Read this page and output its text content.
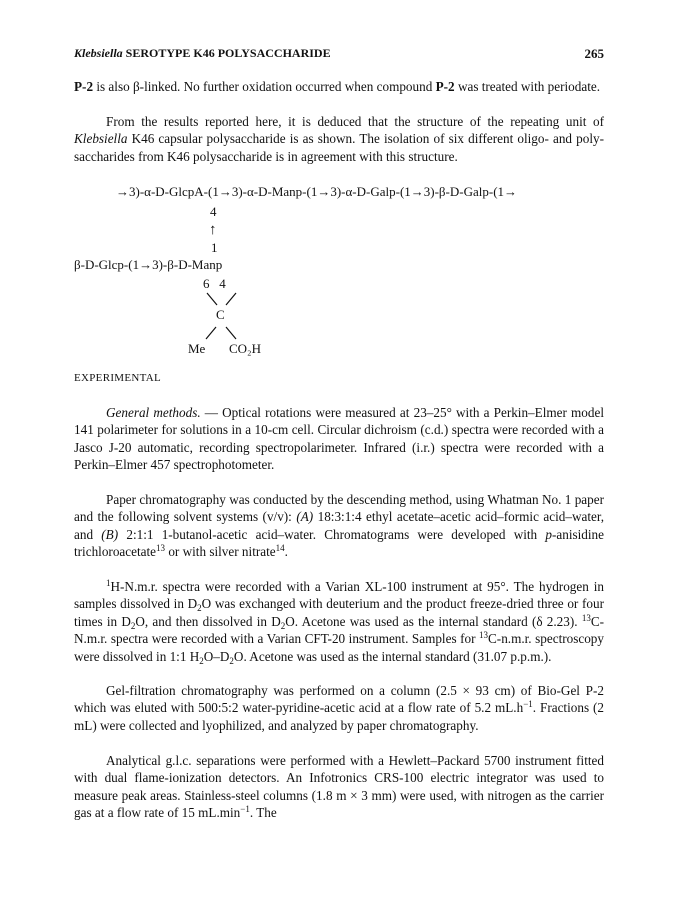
Klebsiella SEROTYPE K46 POLYSACCHARIDE	265

P-2 is also β-linked. No further oxidation occurred when compound P-2 was treated with periodate.

From the results reported here, it is deduced that the structure of the repeating unit of Klebsiella K46 capsular polysaccharide is as shown. The isolation of six different oligo- and poly-saccharides from K46 polysaccharide is in agreement with this structure.

→3)-α-D-GlcpA-(1→3)-α-D-Manp-(1→3)-α-D-Galp-(1→3)-β-D-Galp-(1→
4
↑
1
β-D-Glcp-(1→3)-β-D-Manp
6   4
C
Me CO₂H
EXPERIMENTAL

General methods. — Optical rotations were measured at 23–25° with a Perkin–Elmer model 141 polarimeter for solutions in a 10-cm cell. Circular dichroism (c.d.) spectra were recorded with a Jasco J-20 automatic, recording spectropolarimeter. Infrared (i.r.) spectra were recorded with a Perkin–Elmer 457 spectrophotometer.

Paper chromatography was conducted by the descending method, using Whatman No. 1 paper and the following solvent systems (v/v): (A) 18:3:1:4 ethyl acetate–acetic acid–formic acid–water, and (B) 2:1:1 1-butanol-acetic acid–water. Chromatograms were developed with p-anisidine trichloroacetate$^{13}$ or with silver nitrate$^{14}$.

$^1$H-N.m.r. spectra were recorded with a Varian XL-100 instrument at 95°. The hydrogen in samples dissolved in $D_2O$ was exchanged with deuterium and the product freeze-dried three or four times in $D_2O$, and then dissolved in $D_2O$. Acetone was used as the internal standard (δ 2.23). $^{13}$C-N.m.r. spectra were recorded with a Varian CFT-20 instrument. Samples for $^{13}$C-n.m.r. spectroscopy were dissolved in 1:1 $H_2O-D_2O$. Acetone was used as the internal standard (31.07 p.p.m.).

Gel-filtration chromatography was performed on a column (2.5 × 93 cm) of Bio-Gel P-2 which was eluted with 500:5:2 water-pyridine-acetic acid at a flow rate of 5.2 $mL.h^{-1}$. Fractions (2 mL) were collected and lyophilized, and analyzed by paper chromatography.

Analytical g.l.c. separations were performed with a Hewlett–Packard 5700 instrument fitted with dual flame-ionization detectors. An Infotronics CRS-100 electric integrator was used to measure peak areas. Stainless-steel columns (1.8 m × 3 mm) were used, with nitrogen as the carrier gas at a flow rate of 15 $mL.\min^{-1}$. The
